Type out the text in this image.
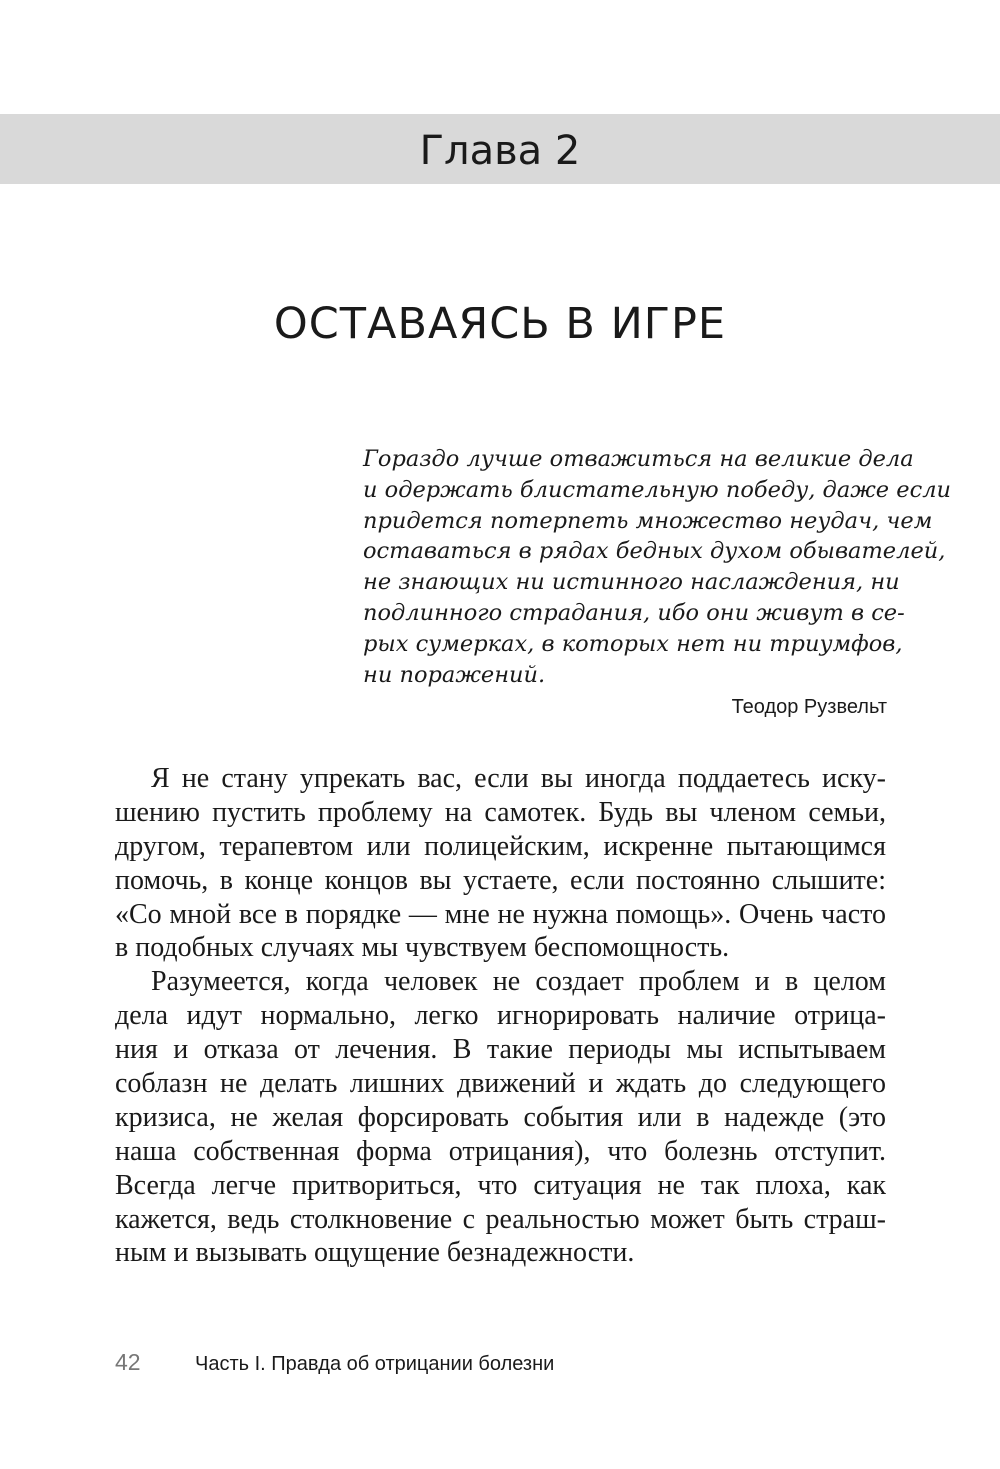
Глава 2
ОСТАВАЯСЬ В ИГРЕ
Гораздо лучше отважиться на великие дела
и одержать блистательную победу, даже если
придется потерпеть множество неудач, чем
оставаться в рядах бедных духом обывателей,
не знающих ни истинного наслаждения, ни
подлинного страдания, ибо они живут в се-
рых сумерках, в которых нет ни триумфов,
ни поражений.
Теодор Рузвельт
Я не стану упрекать вас, если вы иногда поддаетесь иску-
шению пустить проблему на самотек. Будь вы членом семьи,
другом, терапевтом или полицейским, искренне пытающимся
помочь, в конце концов вы устаете, если постоянно слышите:
«Со мной все в порядке — мне не нужна помощь». Очень часто
в подобных случаях мы чувствуем беспомощность.
Разумеется, когда человек не создает проблем и в целом
дела идут нормально, легко игнорировать наличие отрица-
ния и отказа от лечения. В такие периоды мы испытываем
соблазн не делать лишних движений и ждать до следующего
кризиса, не желая форсировать события или в надежде (это
наша собственная форма отрицания), что болезнь отступит.
Всегда легче притвориться, что ситуация не так плоха, как
кажется, ведь столкновение с реальностью может быть страш-
ным и вызывать ощущение безнадежности.
42	Часть I. Правда об отрицании болезни
